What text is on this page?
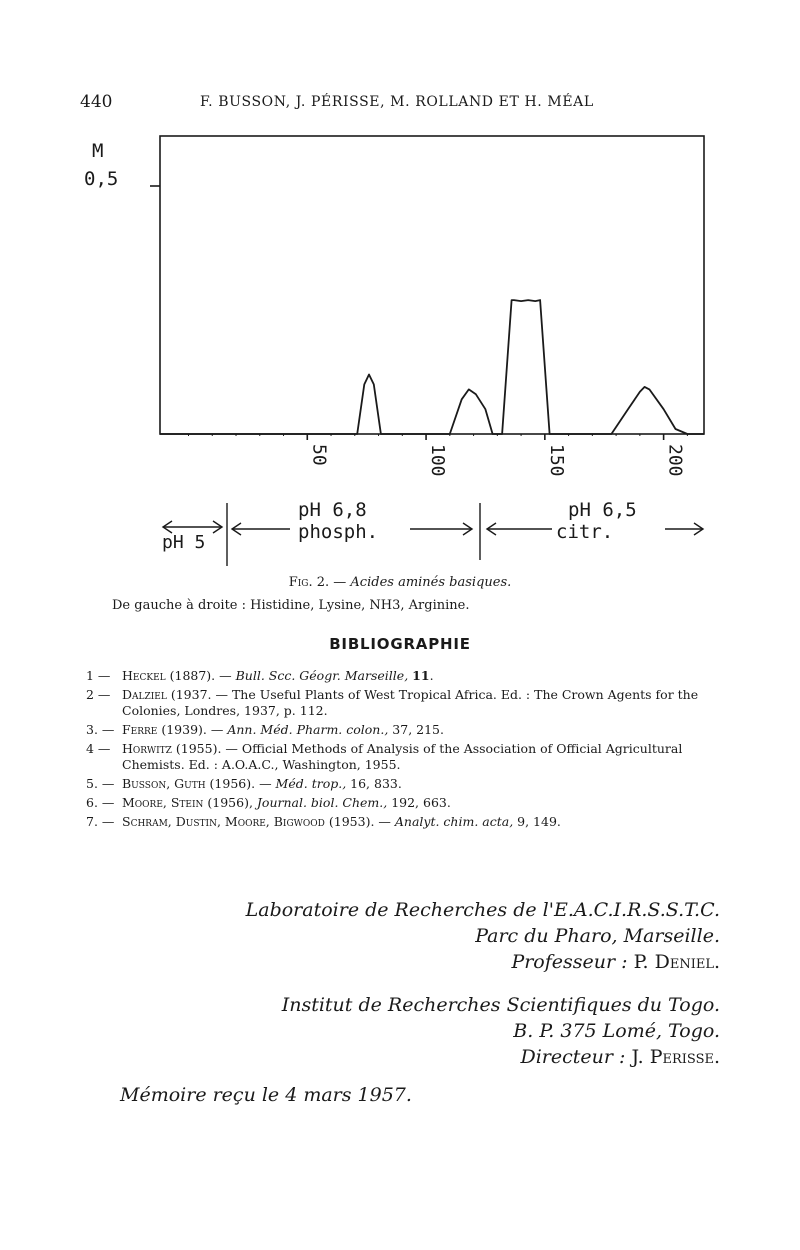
440	F. BUSSON, J. PÉRISSE, M. ROLLAND ET H. MÉAL
M
0,5
50	100	150	200
pH 5
pH 6,8
phosph.
pH 6,5
citr.
Fig. 2. — Acides aminés basiques.
De gauche à droite : Histidine, Lysine, NH3, Arginine.
BIBLIOGRAPHIE
1 — Heckel (1887). — Bull. Scc. Géogr. Marseille, 11.
2 — Dalziel (1937. — The Useful Plants of West Tropical Africa. Ed. : The Crown Agents for the Colonies, Londres, 1937, p. 112.
3. — Ferre (1939). — Ann. Méd. Pharm. colon., 37, 215.
4 — Horwitz (1955). — Official Methods of Analysis of the Association of Official Agricultural Chemists. Ed. : A.O.A.C., Washington, 1955.
5. — Busson, Guth (1956). — Méd. trop., 16, 833.
6. — Moore, Stein (1956), Journal. biol. Chem., 192, 663.
7. — Schram, Dustin, Moore, Bigwood (1953). — Analyt. chim. acta, 9, 149.
Laboratoire de Recherches de l'E.A.C.I.R.S.S.T.C.
Parc du Pharo, Marseille.
Professeur : P. Deniel.
Institut de Recherches Scientifiques du Togo.
B. P. 375 Lomé, Togo.
Directeur : J. Perisse.
Mémoire reçu le 4 mars 1957.
